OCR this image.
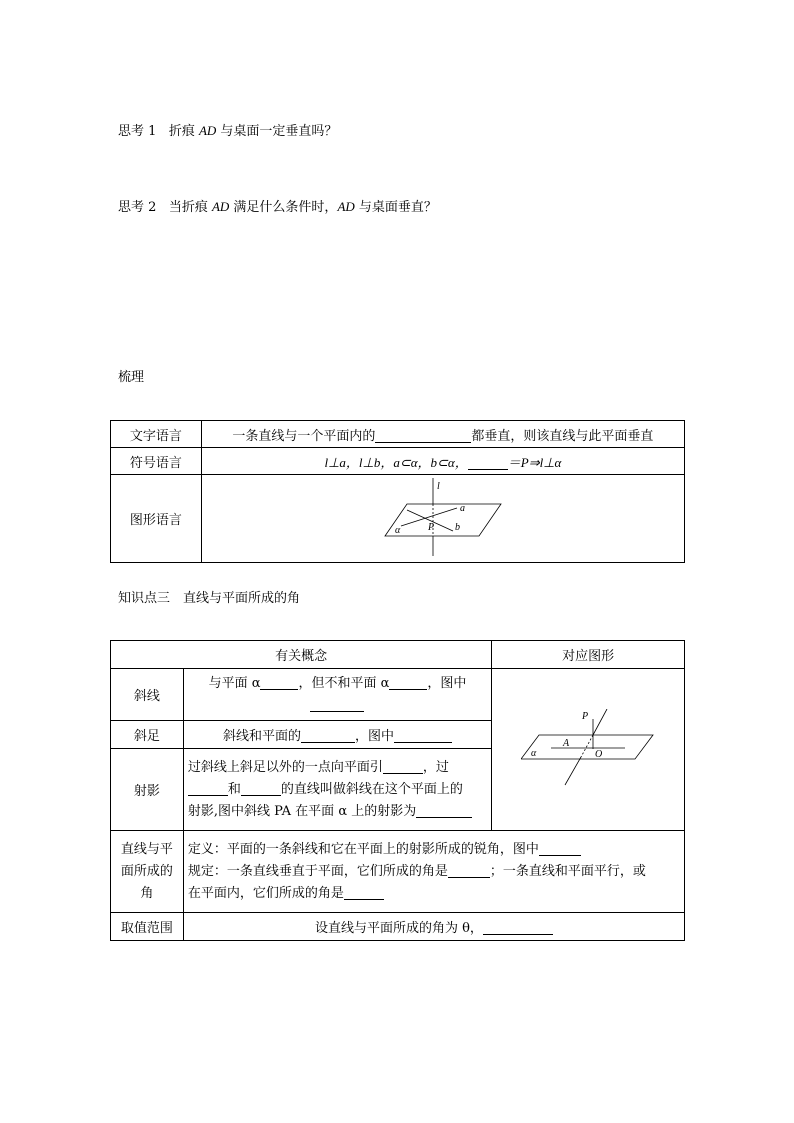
思考 1 折痕 AD 与桌面一定垂直吗？
思考 2 当折痕 AD 满足什么条件时，AD 与桌面垂直？
梳理
文字语言	一条直线与一个平面内的 都垂直，则该直线与此平面垂直
符号语言	l⊥a，l⊥b，a⊂α，b⊂α， ＝P⇒l⊥α
图形语言	l
a
b
P
α
知识点三　直线与平面所成的角
有关概念		对应图形
斜线	与平面 α ，但不和平面 α ，图中	P
A
O
α

斜足	斜线和平面的 ，图中	
射影	过斜线上斜足以外的一点向平面引 ，过
和 的直线叫做斜线在这个平面上的
射影,图中斜线 PA 在平面 α 上的射影为	
直线与平面所成的角	定义：平面的一条斜线和它在平面上的射影所成的锐角，图中
规定：一条直线垂直于平面，它们所成的角是 ；一条直线和平面平行，或
在平面内，它们所成的角是	
取值范围	设直线与平面所成的角为 θ，	
